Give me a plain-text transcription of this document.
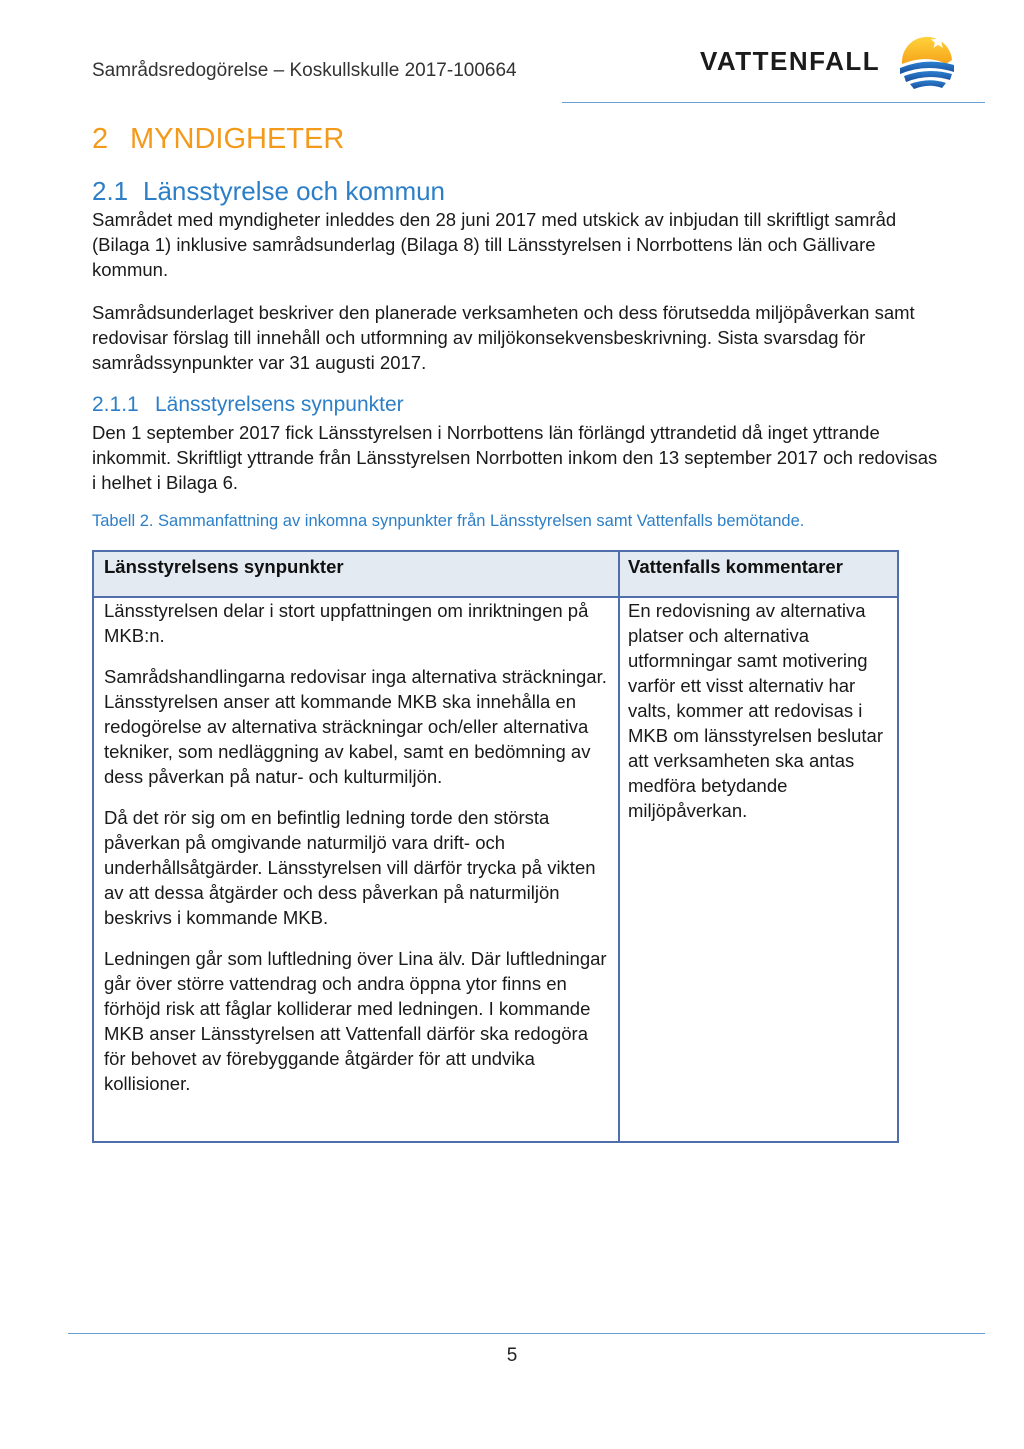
Samrådsredogörelse – Koskullskulle 2017-100664	VATTENFALL
2 MYNDIGHETER
2.1 Länsstyrelse och kommun

Samrådet med myndigheter inleddes den 28 juni 2017 med utskick av inbjudan till skriftligt samråd (Bilaga 1) inklusive samrådsunderlag (Bilaga 8) till Länsstyrelsen i Norrbottens län och Gällivare kommun.

Samrådsunderlaget beskriver den planerade verksamheten och dess förutsedda miljöpåverkan samt redovisar förslag till innehåll och utformning av miljökonsekvensbeskrivning. Sista svarsdag för samrådssynpunkter var 31 augusti 2017.

2.1.1 Länsstyrelsens synpunkter

Den 1 september 2017 fick Länsstyrelsen i Norrbottens län förlängd yttrandetid då inget yttrande inkommit. Skriftligt yttrande från Länsstyrelsen Norrbotten inkom den 13 september 2017 och redovisas i helhet i Bilaga 6.

Tabell 2. Sammanfattning av inkomna synpunkter från Länsstyrelsen samt Vattenfalls bemötande.
Länsstyrelsens synpunkter	Vattenfalls kommentarer

Länsstyrelsen delar i stort uppfattningen om inriktningen på MKB:n.

Samrådshandlingarna redovisar inga alternativa sträckningar. Länsstyrelsen anser att kommande MKB ska innehålla en redogörelse av alternativa sträckningar och/eller alternativa tekniker, som nedläggning av kabel, samt en bedömning av dess påverkan på natur- och kulturmiljön.

Då det rör sig om en befintlig ledning torde den största påverkan på omgivande naturmiljö vara drift- och underhållsåtgärder. Länsstyrelsen vill därför trycka på vikten av att dessa åtgärder och dess påverkan på naturmiljön beskrivs i kommande MKB.

Ledningen går som luftledning över Lina älv. Där luftledningar går över större vattendrag och andra öppna ytor finns en förhöjd risk att fåglar kolliderar med ledningen. I kommande MKB anser Länsstyrelsen att Vattenfall därför ska redogöra för behovet av förebyggande åtgärder för att undvika kollisioner.

En redovisning av alternativa platser och alternativa utformningar samt motivering varför ett visst alternativ har valts, kommer att redovisas i MKB om länsstyrelsen beslutar att verksamheten ska antas medföra betydande miljöpåverkan.

5
